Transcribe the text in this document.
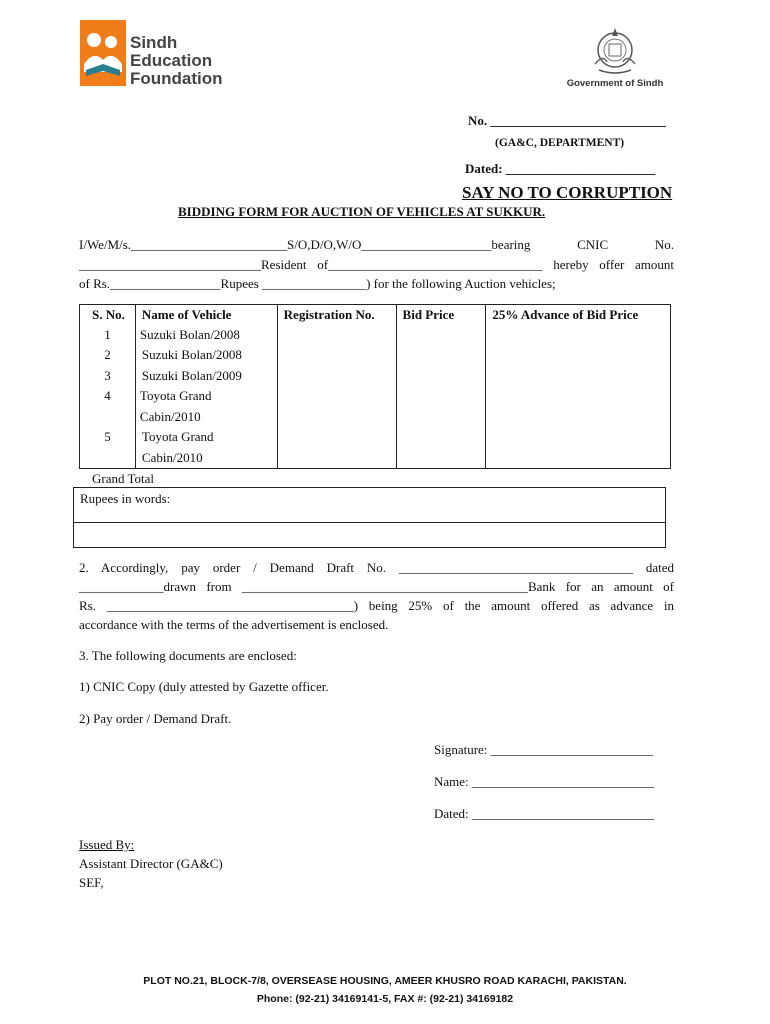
Sindh
Education
Foundation	Government of Sindh
No. ___________________________
(GA&C, DEPARTMENT)
Dated: _______________________
SAY NO TO CORRUPTION
BIDDING FORM FOR AUCTION OF VEHICLES AT SUKKUR.
I/We/M/s.________________________S/O,D/O,W/O____________________bearing CNIC No.
____________________________Resident of_________________________________ hereby offer amount
of Rs._________________Rupees ________________) for the following Auction vehicles;
S. No.	Name of Vehicle	Registration No.	Bid Price	25% Advance of Bid Price
1	Suzuki Bolan/2008			
2	Suzuki Bolan/2008			
3	Suzuki Bolan/2009			
4	Toyota Grand Cabin/2010			
5	Toyota Grand Cabin/2010			
Grand Total
Rupees in words:
2. Accordingly, pay order / Demand Draft No. ____________________________________ dated
_____________drawn from ____________________________________________Bank for an amount of
Rs. ______________________________________) being 25% of the amount offered as advance in
accordance with the terms of the advertisement is enclosed.
3. The following documents are enclosed:
1) CNIC Copy (duly attested by Gazette officer.
2) Pay order / Demand Draft.
Signature: _________________________
Name: ____________________________
Dated: ____________________________
Issued By:
Assistant Director (GA&C)
SEF,
PLOT NO.21, BLOCK-7/8, OVERSEASE HOUSING, AMEER KHUSRO ROAD KARACHI, PAKISTAN.
Phone: (92-21) 34169141-5, FAX #: (92-21) 34169182
